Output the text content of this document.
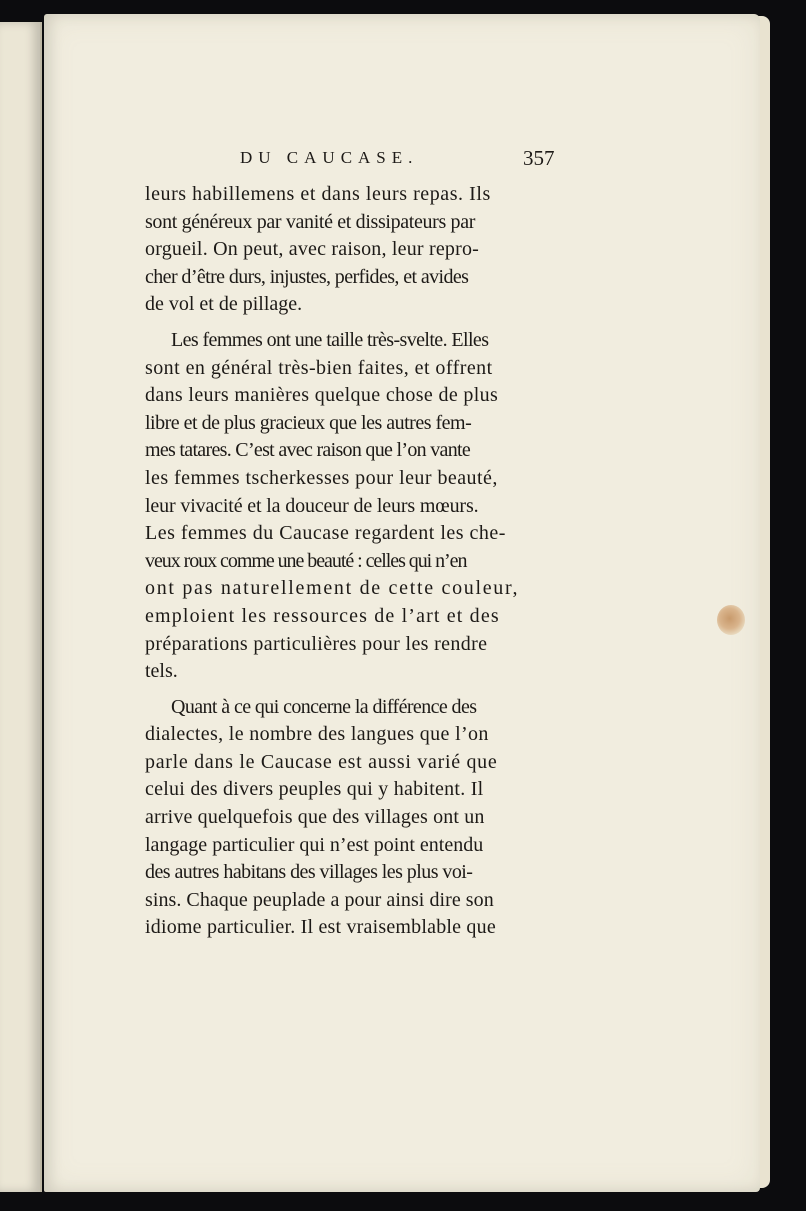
DU CAUCASE.	357
leurs habillemens et dans leurs repas. Ils
sont généreux par vanité et dissipateurs par
orgueil. On peut, avec raison, leur repro-
cher d’être durs, injustes, perfides, et avides
de vol et de pillage.
Les femmes ont une taille très-svelte. Elles
sont en général très-bien faites, et offrent
dans leurs manières quelque chose de plus
libre et de plus gracieux que les autres fem-
mes tatares. C’est avec raison que l’on vante
les femmes tscherkesses pour leur beauté,
leur vivacité et la douceur de leurs mœurs.
Les femmes du Caucase regardent les che-
veux roux comme une beauté : celles qui n’en
ont pas naturellement de cette couleur,
emploient les ressources de l’art et des
préparations particulières pour les rendre
tels.
Quant à ce qui concerne la différence des
dialectes, le nombre des langues que l’on
parle dans le Caucase est aussi varié que
celui des divers peuples qui y habitent. Il
arrive quelquefois que des villages ont un
langage particulier qui n’est point entendu
des autres habitans des villages les plus voi-
sins. Chaque peuplade a pour ainsi dire son
idiome particulier. Il est vraisemblable que
